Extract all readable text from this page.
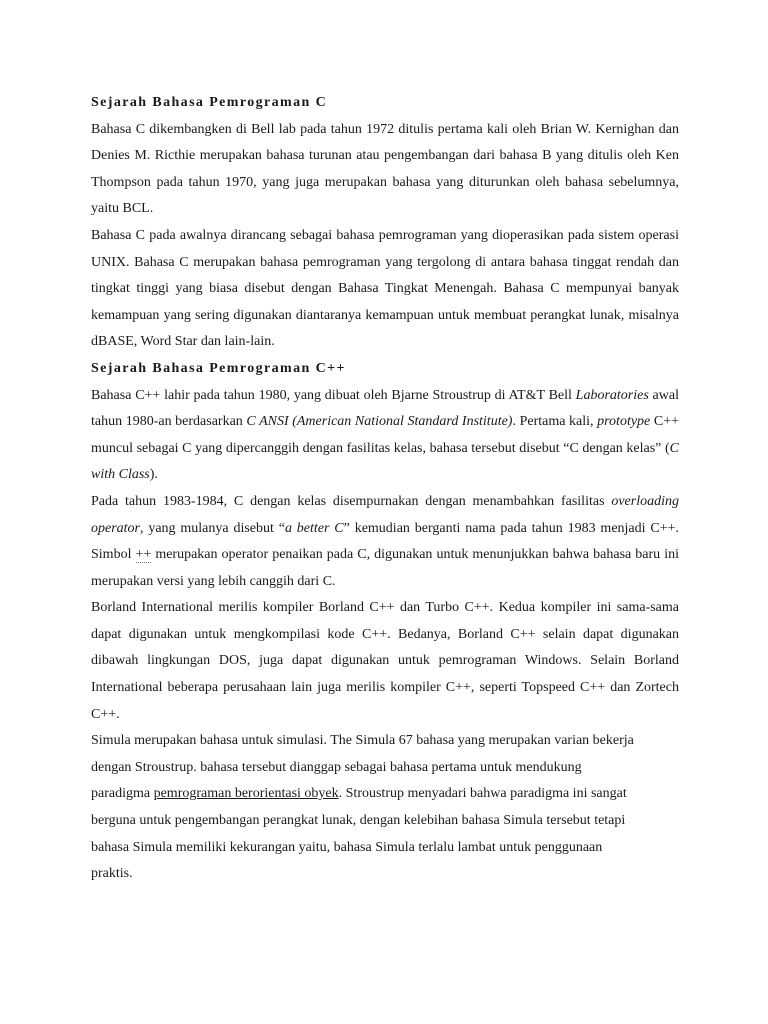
Sejarah Bahasa Pemrograman C

Bahasa C dikembangken di Bell lab pada tahun 1972 ditulis pertama kali oleh Brian W. Kernighan dan Denies M. Ricthie merupakan bahasa turunan atau pengembangan dari bahasa B yang ditulis oleh Ken Thompson pada tahun 1970, yang juga merupakan bahasa yang diturunkan oleh bahasa sebelumnya, yaitu BCL.

Bahasa C pada awalnya dirancang sebagai bahasa pemrograman yang dioperasikan pada sistem operasi UNIX. Bahasa C merupakan bahasa pemrograman yang tergolong di antara bahasa tinggat rendah dan tingkat tinggi yang biasa disebut dengan Bahasa Tingkat Menengah. Bahasa C mempunyai banyak kemampuan yang sering digunakan diantaranya kemampuan untuk membuat perangkat lunak, misalnya dBASE, Word Star dan lain-lain.

Sejarah Bahasa Pemrograman C++

Bahasa C++ lahir pada tahun 1980, yang dibuat oleh Bjarne Stroustrup di AT&T Bell Laboratories awal tahun 1980-an berdasarkan C ANSI (American National Standard Institute). Pertama kali, prototype C++ muncul sebagai C yang dipercanggih dengan fasilitas kelas, bahasa tersebut disebut “C dengan kelas” (C with Class).

Pada tahun 1983-1984, C dengan kelas disempurnakan dengan menambahkan fasilitas overloading operator, yang mulanya disebut “a better C” kemudian berganti nama pada tahun 1983 menjadi C++. Simbol ++ merupakan operator penaikan pada C, digunakan untuk menunjukkan bahwa bahasa baru ini merupakan versi yang lebih canggih dari C.

Borland International merilis kompiler Borland C++ dan Turbo C++. Kedua kompiler ini sama-sama dapat digunakan untuk mengkompilasi kode C++. Bedanya, Borland C++ selain dapat digunakan dibawah lingkungan DOS, juga dapat digunakan untuk pemrograman Windows. Selain Borland International beberapa perusahaan lain juga merilis kompiler C++, seperti Topspeed C++ dan Zortech C++.

Simula merupakan bahasa untuk simulasi. The Simula 67 bahasa yang merupakan varian bekerja
dengan Stroustrup. bahasa tersebut dianggap sebagai bahasa pertama untuk mendukung
paradigma pemrograman berorientasi obyek. Stroustrup menyadari bahwa paradigma ini sangat
berguna untuk pengembangan perangkat lunak, dengan kelebihan bahasa Simula tersebut tetapi
bahasa Simula memiliki kekurangan yaitu, bahasa Simula terlalu lambat untuk penggunaan
praktis.
